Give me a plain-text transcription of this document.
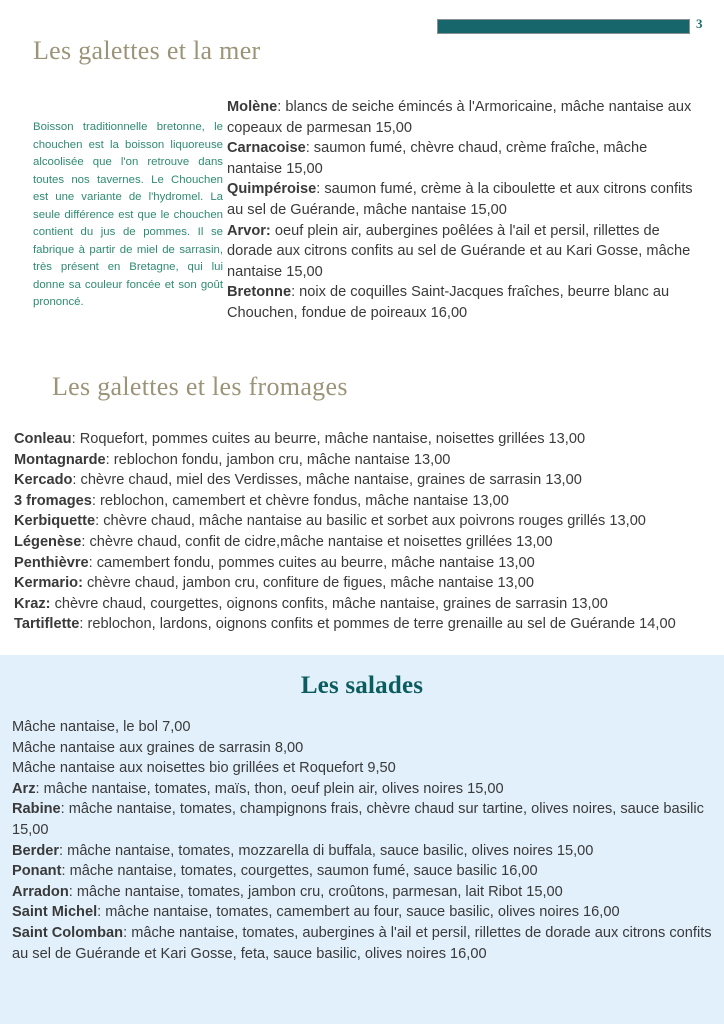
3
Les galettes et la mer
Boisson traditionnelle bretonne, le chouchen est la boisson liquoreuse alcoolisée que l'on retrouve dans toutes nos tavernes. Le Chouchen est une variante de l'hydromel. La seule différence est que le chouchen contient du jus de pommes. Il se fabrique à partir de miel de sarrasin, très présent en Bretagne, qui lui donne sa couleur foncée et son goût prononcé.
Molène: blancs de seiche émincés à l'Armoricaine, mâche nantaise aux copeaux de parmesan 15,00
Carnacoise: saumon fumé, chèvre chaud, crème fraîche, mâche nantaise 15,00
Quimpéroise: saumon fumé, crème à la ciboulette et aux citrons confits au sel de Guérande, mâche nantaise 15,00
Arvor: oeuf plein air, aubergines poêlées à l'ail et persil, rillettes de dorade aux citrons confits au sel de Guérande et au Kari Gosse, mâche nantaise 15,00
Bretonne: noix de coquilles Saint-Jacques fraîches, beurre blanc au Chouchen, fondue de poireaux 16,00
Les galettes et les fromages
Conleau: Roquefort, pommes cuites au beurre, mâche nantaise, noisettes grillées 13,00
Montagnarde: reblochon fondu, jambon cru, mâche nantaise 13,00
Kercado: chèvre chaud, miel des Verdisses, mâche nantaise, graines de sarrasin 13,00
3 fromages: reblochon, camembert et chèvre fondus, mâche nantaise 13,00
Kerbiquette: chèvre chaud, mâche nantaise au basilic et sorbet aux poivrons rouges grillés 13,00
Légenèse: chèvre chaud, confit de cidre,mâche nantaise et noisettes grillées 13,00
Penthièvre: camembert fondu, pommes cuites au beurre, mâche nantaise 13,00
Kermario: chèvre chaud, jambon cru, confiture de figues, mâche nantaise 13,00
Kraz: chèvre chaud, courgettes, oignons confits, mâche nantaise, graines de sarrasin 13,00
Tartiflette: reblochon, lardons, oignons confits et pommes de terre grenaille au sel de Guérande 14,00
Les salades
Mâche nantaise, le bol 7,00
Mâche nantaise aux graines de sarrasin 8,00
Mâche nantaise aux noisettes bio grillées et Roquefort 9,50
Arz: mâche nantaise, tomates, maïs, thon, oeuf plein air, olives noires 15,00
Rabine: mâche nantaise, tomates, champignons frais, chèvre chaud sur tartine, olives noires, sauce basilic 15,00
Berder: mâche nantaise, tomates, mozzarella di buffala, sauce basilic, olives noires 15,00
Ponant: mâche nantaise, tomates, courgettes, saumon fumé, sauce basilic 16,00
Arradon: mâche nantaise, tomates, jambon cru, croûtons, parmesan, lait Ribot 15,00
Saint Michel: mâche nantaise, tomates, camembert au four, sauce basilic, olives noires 16,00
Saint Colomban: mâche nantaise, tomates, aubergines à l'ail et persil, rillettes de dorade aux citrons confits au sel de Guérande et Kari Gosse, feta, sauce basilic, olives noires 16,00
